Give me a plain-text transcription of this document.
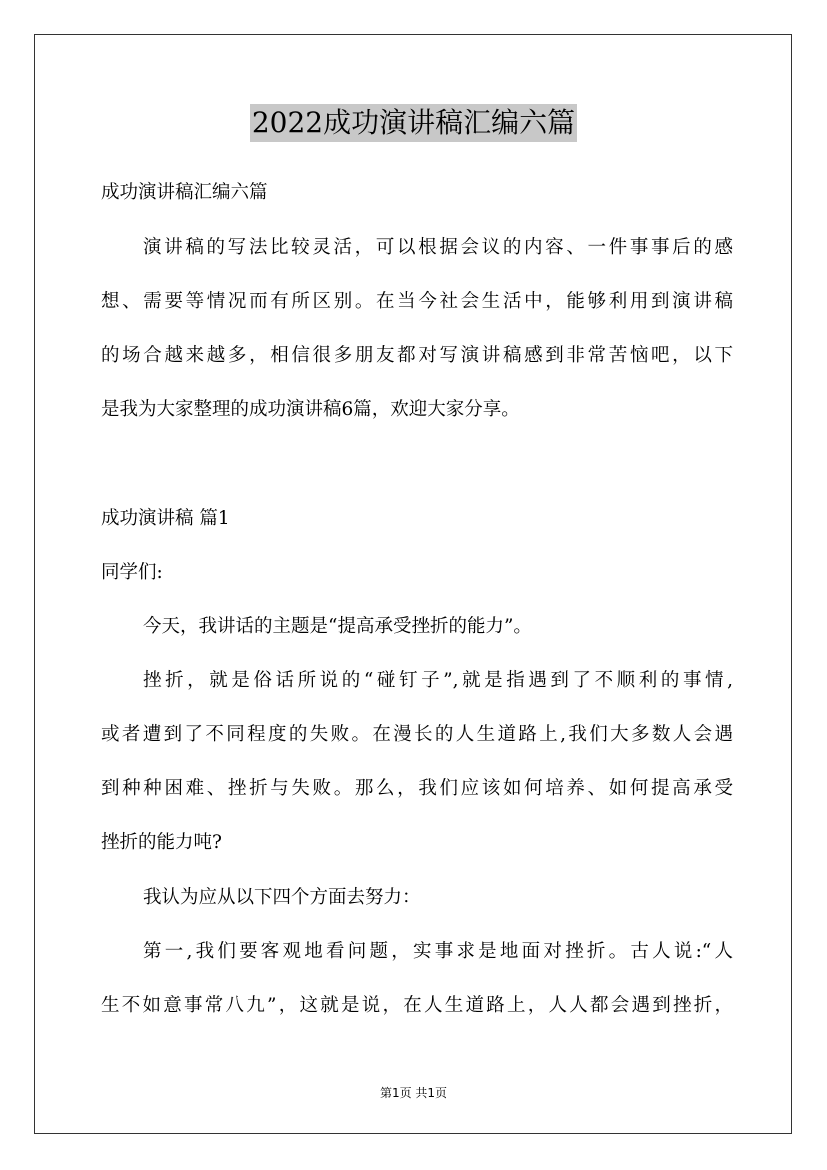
2022成功演讲稿汇编六篇
成功演讲稿汇编六篇
演讲稿的写法比较灵活，可以根据会议的内容、一件事事后的感
想、需要等情况而有所区别。在当今社会生活中，能够利用到演讲稿
的场合越来越多，相信很多朋友都对写演讲稿感到非常苦恼吧，以下
是我为大家整理的成功演讲稿6篇，欢迎大家分享。
成功演讲稿 篇1
同学们:
今天，我讲话的主题是“提高承受挫折的能力”。
挫折，就是俗话所说的“碰钉子”,就是指遇到了不顺利的事情,
或者遭到了不同程度的失败。在漫长的人生道路上,我们大多数人会遇
到种种困难、挫折与失败。那么，我们应该如何培养、如何提高承受
挫折的能力吨?
我认为应从以下四个方面去努力：
第一,我们要客观地看问题，实事求是地面对挫折。古人说:“人
生不如意事常八九”，这就是说，在人生道路上，人人都会遇到挫折，
第1页 共1页
